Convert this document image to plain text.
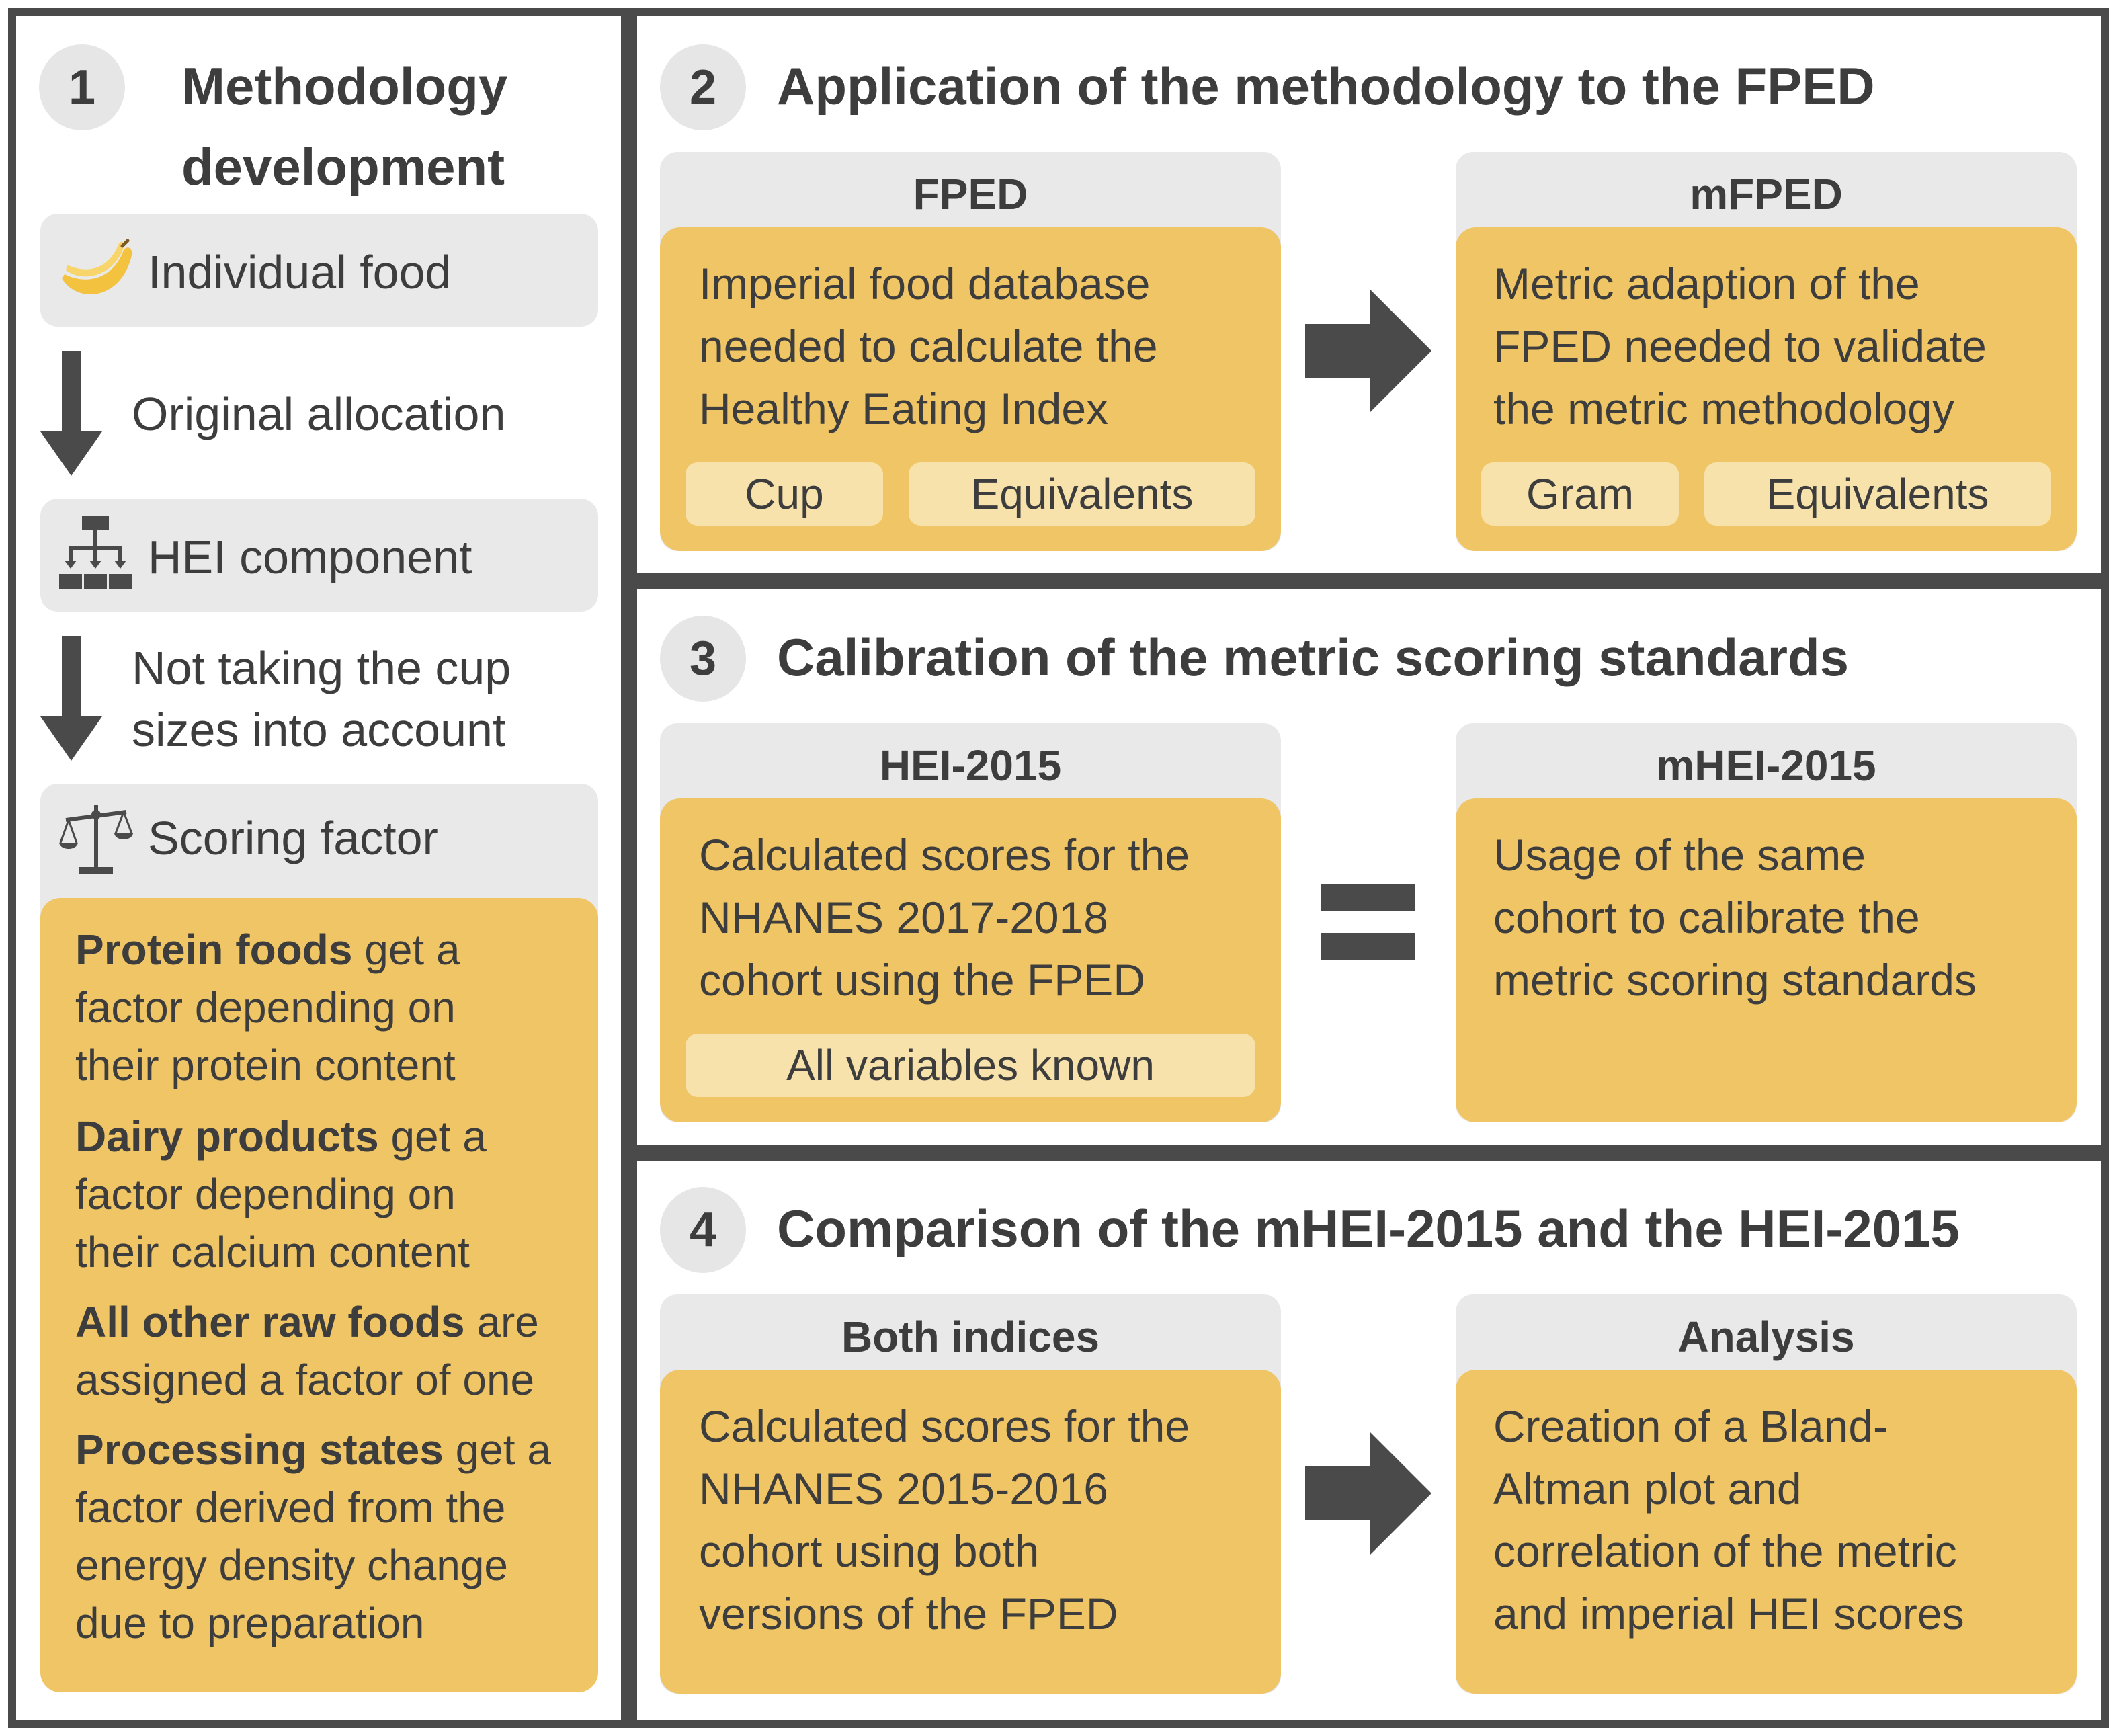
1	Methodology
development
Individual food
Original allocation
HEI component
Not taking the cup
sizes into account
Scoring factor
Protein foods get a
factor depending on
their protein content
Dairy products get a
factor depending on
their calcium content
All other raw foods are
assigned a factor of one
Processing states get a
factor derived from the
energy density change
due to preparation
2	Application of the methodology to the FPED
FPED
Imperial food database
needed to calculate the
Healthy Eating Index
Cup	Equivalents
mFPED
Metric adaption of the
FPED needed to validate
the metric methodology
Gram	Equivalents
3	Calibration of the metric scoring standards
HEI-2015
Calculated scores for the
NHANES 2017-2018
cohort using the FPED
All variables known
mHEI-2015
Usage of the same
cohort to calibrate the
metric scoring standards
4	Comparison of the mHEI-2015 and the HEI-2015
Both indices
Calculated scores for the
NHANES 2015-2016
cohort using both
versions of the FPED
Analysis
Creation of a Bland-
Altman plot and
correlation of the metric
and imperial HEI scores
